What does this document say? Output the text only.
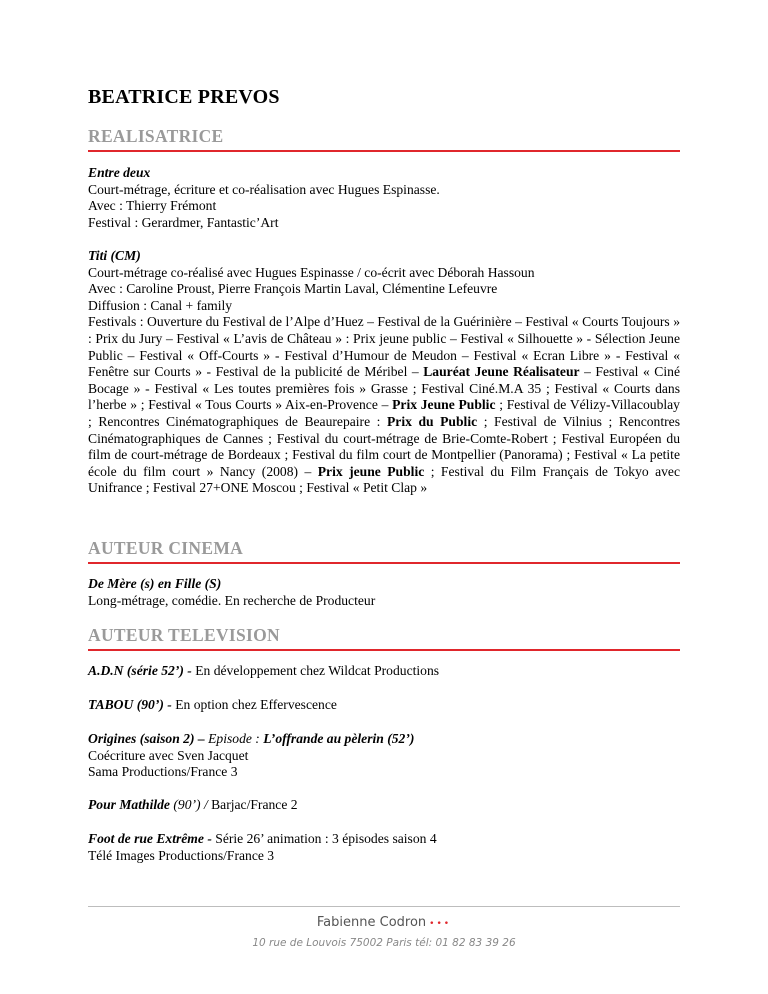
BEATRICE PREVOS
REALISATRICE
Entre deux
Court-métrage, écriture et co-réalisation avec Hugues Espinasse.
Avec : Thierry Frémont
Festival : Gerardmer, Fantastic’Art
Titi (CM)
Court-métrage co-réalisé avec Hugues Espinasse / co-écrit avec Déborah Hassoun
Avec : Caroline Proust, Pierre François Martin Laval, Clémentine Lefeuvre
Diffusion : Canal + family
Festivals : Ouverture du Festival de l’Alpe d’Huez – Festival de la Guérinière – Festival « Courts Toujours » : Prix du Jury – Festival « L’avis de Château » : Prix jeune public – Festival « Silhouette » - Sélection Jeune Public – Festival « Off-Courts » - Festival d’Humour de Meudon – Festival « Ecran Libre » - Festival « Fenêtre sur Courts » - Festival de la publicité de Méribel – Lauréat Jeune Réalisateur – Festival « Ciné Bocage » - Festival « Les toutes premières fois » Grasse ; Festival Ciné.M.A 35 ; Festival « Courts dans l’herbe » ; Festival « Tous Courts » Aix-en-Provence – Prix Jeune Public ; Festival de Vélizy-Villacoublay ; Rencontres Cinématographiques de Beaurepaire : Prix du Public ; Festival de Vilnius ; Rencontres Cinématographiques de Cannes ; Festival du court-métrage de Brie-Comte-Robert ; Festival Européen du film de court-métrage de Bordeaux ; Festival du film court de Montpellier (Panorama) ; Festival « La petite école du film court » Nancy (2008) – Prix jeune Public ; Festival du Film Français de Tokyo avec Unifrance ; Festival 27+ONE Moscou ; Festival « Petit Clap »
AUTEUR CINEMA
De Mère (s) en Fille (S)
Long-métrage, comédie. En recherche de Producteur
AUTEUR TELEVISION
A.D.N (série 52’) - En développement chez Wildcat Productions
TABOU (90’) - En option chez Effervescence
Origines (saison 2) – Episode : L’offrande au pèlerin (52’)
Coécriture avec Sven Jacquet
Sama Productions/France 3
Pour Mathilde (90’) / Barjac/France 2
Foot de rue Extrême - Série 26’ animation : 3 épisodes saison 4
Télé Images Productions/France 3
Fabienne Codron •••
10 rue de Louvois 75002 Paris tél: 01 82 83 39 26
